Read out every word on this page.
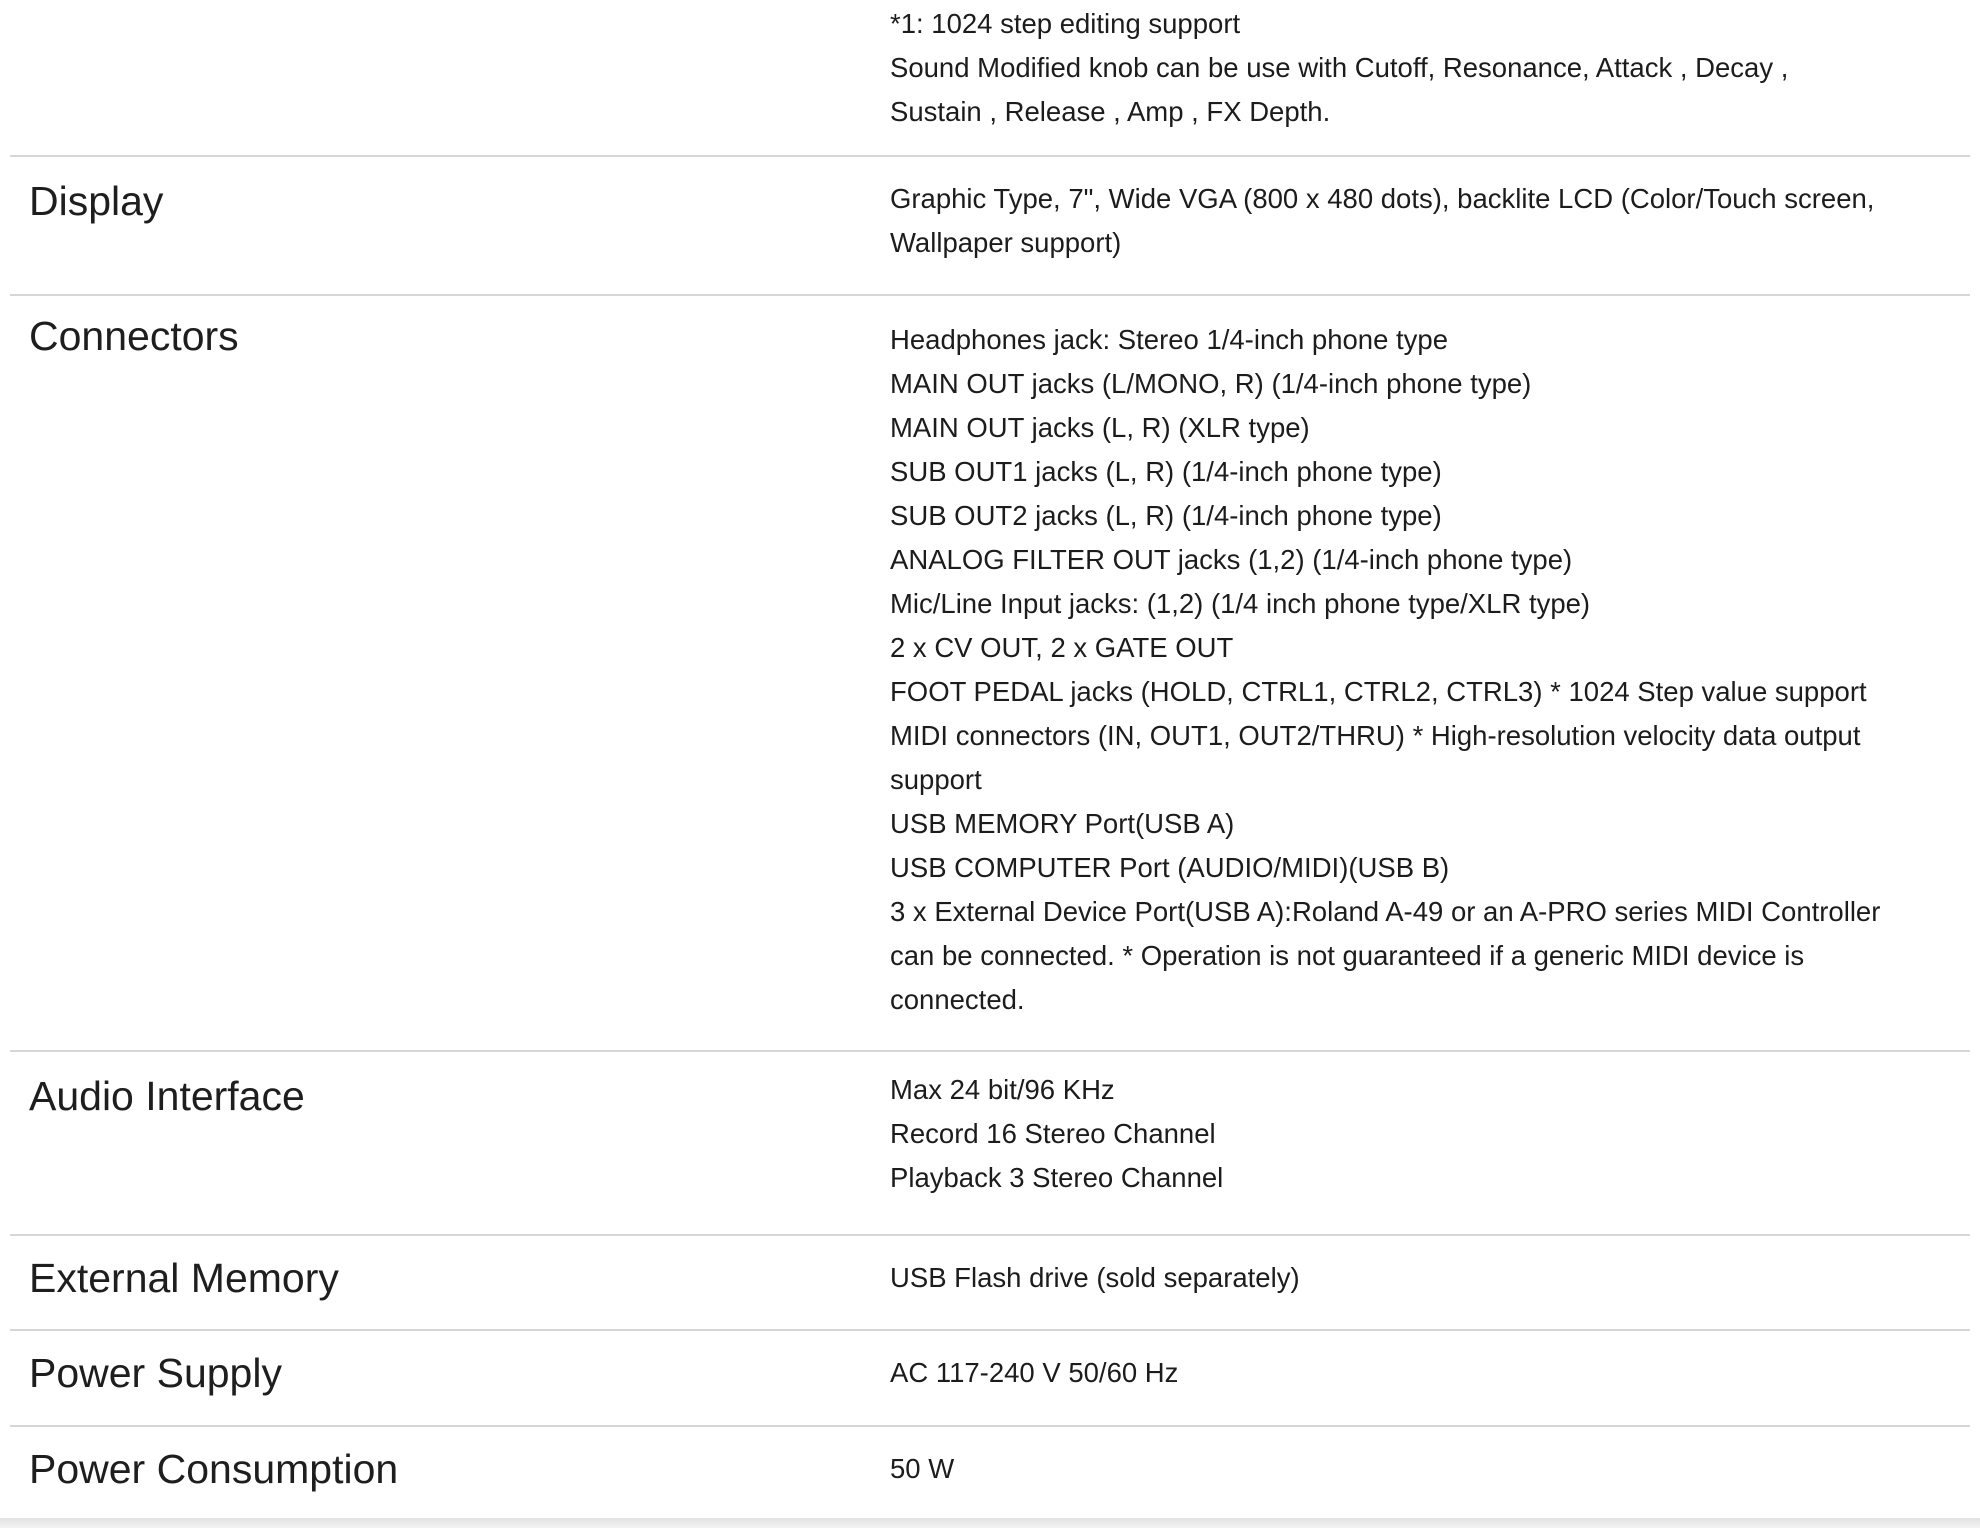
*1: 1024 step editing support
Sound Modified knob can be use with Cutoff, Resonance, Attack , Decay ,
Sustain , Release , Amp , FX Depth.
Display	Graphic Type, 7", Wide VGA (800 x 480 dots), backlite LCD (Color/Touch screen,
Wallpaper support)
Connectors	Headphones jack: Stereo 1/4-inch phone type
MAIN OUT jacks (L/MONO, R) (1/4-inch phone type)
MAIN OUT jacks (L, R) (XLR type)
SUB OUT1 jacks (L, R) (1/4-inch phone type)
SUB OUT2 jacks (L, R) (1/4-inch phone type)
ANALOG FILTER OUT jacks (1,2) (1/4-inch phone type)
Mic/Line Input jacks: (1,2) (1/4 inch phone type/XLR type)
2 x CV OUT, 2 x GATE OUT
FOOT PEDAL jacks (HOLD, CTRL1, CTRL2, CTRL3) * 1024 Step value support
MIDI connectors (IN, OUT1, OUT2/THRU) * High-resolution velocity data output
support
USB MEMORY Port(USB A)
USB COMPUTER Port (AUDIO/MIDI)(USB B)
3 x External Device Port(USB A):Roland A-49 or an A-PRO series MIDI Controller
can be connected. * Operation is not guaranteed if a generic MIDI device is
connected.
Audio Interface	Max 24 bit/96 KHz
Record 16 Stereo Channel
Playback 3 Stereo Channel
External Memory	USB Flash drive (sold separately)
Power Supply	AC 117-240 V 50/60 Hz
Power Consumption	50 W
